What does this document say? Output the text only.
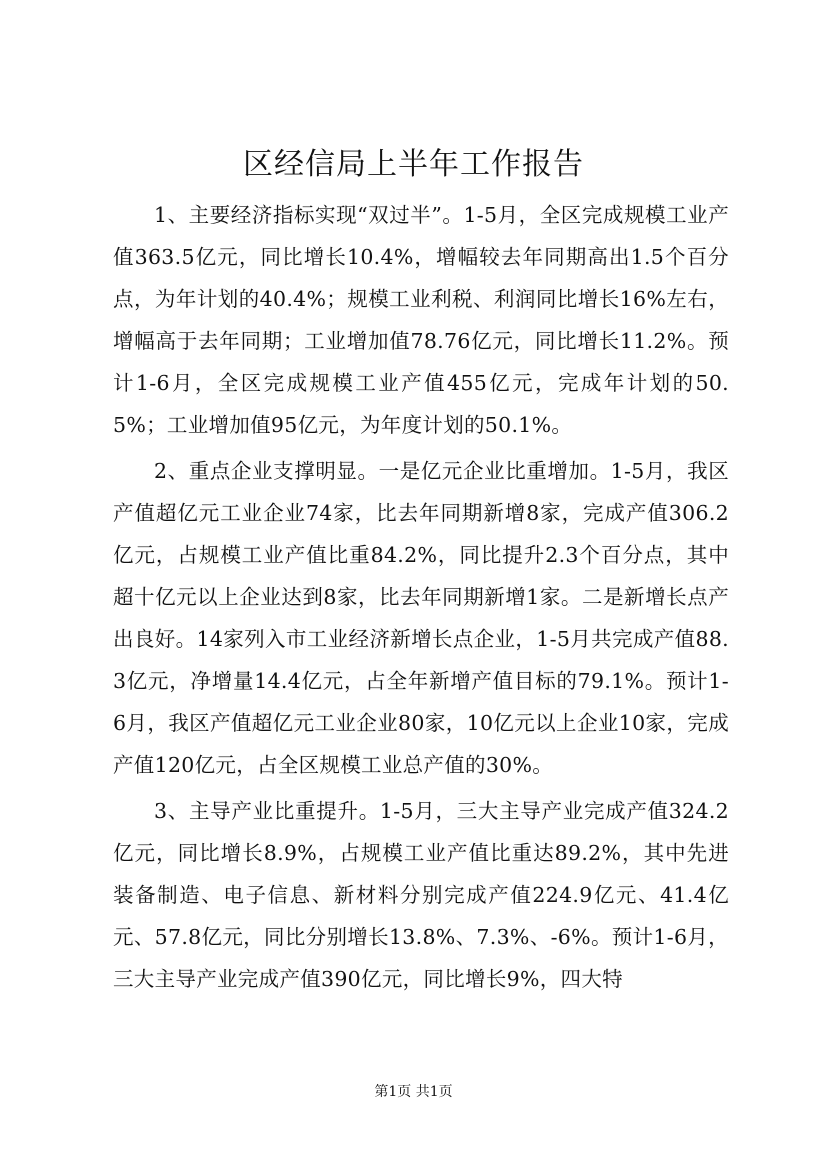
区经信局上半年工作报告

1、主要经济指标实现“双过半”。1-5月，全区完成规模工业产值363.5亿元，同比增长10.4%，增幅较去年同期高出1.5个百分点，为年计划的40.4%；规模工业利税、利润同比增长16%左右，增幅高于去年同期；工业增加值78.76亿元，同比增长11.2%。预计1-6月，全区完成规模工业产值455亿元，完成年计划的50.5%；工业增加值95亿元，为年度计划的50.1%。

2、重点企业支撑明显。一是亿元企业比重增加。1-5月，我区产值超亿元工业企业74家，比去年同期新增8家，完成产值306.2亿元，占规模工业产值比重84.2%，同比提升2.3个百分点，其中超十亿元以上企业达到8家，比去年同期新增1家。二是新增长点产出良好。14家列入市工业经济新增长点企业，1-5月共完成产值88.3亿元，净增量14.4亿元，占全年新增产值目标的79.1%。预计1-6月，我区产值超亿元工业企业80家，10亿元以上企业10家，完成产值120亿元，占全区规模工业总产值的30%。

3、主导产业比重提升。1-5月，三大主导产业完成产值324.2亿元，同比增长8.9%，占规模工业产值比重达89.2%，其中先进装备制造、电子信息、新材料分别完成产值224.9亿元、41.4亿元、57.8亿元，同比分别增长13.8%、7.3%、-6%。预计1-6月，三大主导产业完成产值390亿元，同比增长9%，四大特

第1页 共1页
